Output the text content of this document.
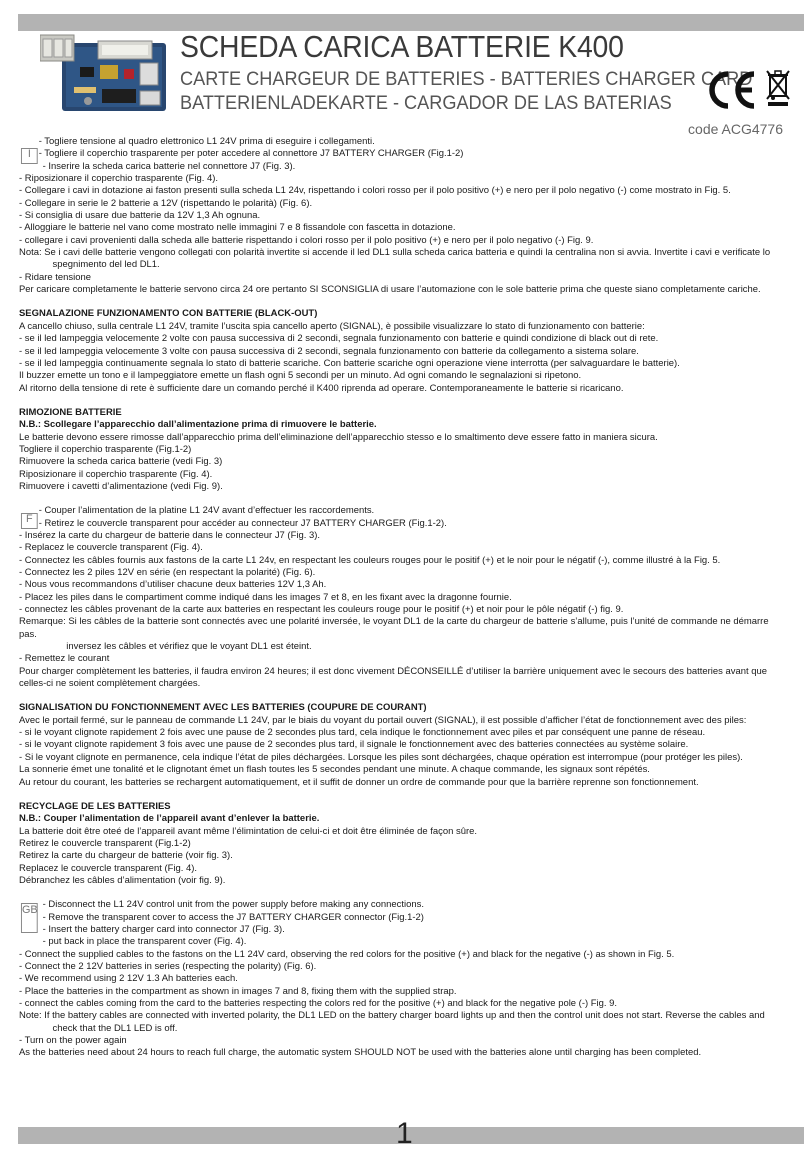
SCHEDA CARICA BATTERIE K400
CARTE CHARGEUR DE BATTERIES - BATTERIES CHARGER CARD
BATTERIENLADEKARTE - CARGADOR DE LAS BATERIAS
code ACG4776
I

- Togliere tensione al quadro elettronico L1 24V prima di eseguire i collegamenti.

- Togliere il coperchio trasparente per poter accedere al connettore J7 BATTERY CHARGER (Fig.1-2)

- Inserire la scheda carica batterie nel connettore J7 (Fig. 3).

- Riposizionare il coperchio trasparente (Fig. 4).

- Collegare i cavi in dotazione ai faston presenti sulla scheda L1 24v, rispettando i colori rosso per il polo positivo (+) e nero per il polo negativo (-) come mostrato in Fig. 5.

- Collegare in serie le 2 batterie a 12V (rispettando le polarità) (Fig. 6).

- Si consiglia di usare due batterie da 12V 1,3 Ah ognuna.

- Alloggiare le batterie nel vano come mostrato nelle immagini 7 e 8 fissandole con fascetta in dotazione.

- collegare i cavi provenienti dalla scheda alle batterie rispettando i colori rosso per il polo positivo (+) e nero per il polo negativo (-) Fig. 9.

Nota: Se i cavi delle batterie vengono collegati con polarità invertite si accende il led DL1 sulla scheda carica batteria e quindi la centralina non si avvia. Invertite i cavi e verificate lo spegnimento del led DL1.

- Ridare tensione

Per caricare completamente le batterie servono circa 24 ore pertanto SI SCONSIGLIA di usare l’automazione con le sole batterie prima che queste siano completamente cariche.

SEGNALAZIONE FUNZIONAMENTO CON BATTERIE (BLACK-OUT)

A cancello chiuso, sulla centrale L1 24V, tramite l’uscita spia cancello aperto (SIGNAL), è possibile visualizzare lo stato di funzionamento con batterie:

- se il led lampeggia velocemente 2 volte con pausa successiva di 2 secondi, segnala funzionamento con batterie e quindi condizione di black out di rete.

- se il led lampeggia velocemente 3 volte con pausa successiva di 2 secondi, segnala funzionamento con batterie da collegamento a sistema solare.

- se il led lampeggia continuamente segnala lo stato di batterie scariche. Con batterie scariche ogni operazione viene interrotta (per salvaguardare le batterie).

Il buzzer emette un tono e il lampeggiatore emette un flash ogni 5 secondi per un minuto. Ad ogni comando le segnalazioni si ripetono.

Al ritorno della tensione di rete è sufficiente dare un comando perché il K400 riprenda ad operare. Contemporaneamente le batterie si ricaricano.

RIMOZIONE BATTERIE

N.B.: Scollegare l’apparecchio dall’alimentazione prima di rimuovere le batterie.

Le batterie devono essere rimosse dall’apparecchio prima dell’eliminazione dell’apparecchio stesso e lo smaltimento deve essere fatto in maniera sicura.

Togliere il coperchio trasparente (Fig.1-2)

Rimuovere la scheda carica batterie (vedi Fig. 3)

Riposizionare il coperchio trasparente (Fig. 4).

Rimuovere i cavetti d’alimentazione (vedi Fig. 9).

F

- Couper l’alimentation de la platine L1 24V avant d’effectuer les raccordements.

- Retirez le couvercle transparent pour accéder au connecteur J7 BATTERY CHARGER (Fig.1-2).

- Insérez la carte du chargeur de batterie dans le connecteur J7 (Fig. 3).

- Replacez le couvercle transparent (Fig. 4).

- Connectez les câbles fournis aux fastons de la carte L1 24v, en respectant les couleurs rouges pour le positif (+) et le noir pour le négatif (-), comme illustré à la Fig. 5.

- Connectez les 2 piles 12V en série (en respectant la polarité) (Fig. 6).

- Nous vous recommandons d’utiliser chacune deux batteries 12V 1,3 Ah.

- Placez les piles dans le compartiment comme indiqué dans les images 7 et 8, en les fixant avec la dragonne fournie.

- connectez les câbles provenant de la carte aux batteries en respectant les couleurs rouge pour le positif (+) et noir pour le pôle négatif (-) fig. 9.

Remarque: Si les câbles de la batterie sont connectés avec une polarité inversée, le voyant DL1 de la carte du chargeur de batterie s’allume, puis l’unité de commande ne démarre pas.

inversez les câbles et vérifiez que le voyant DL1 est éteint.

- Remettez le courant

Pour charger complètement les batteries, il faudra environ 24 heures; il est donc vivement DÉCONSEILLÉ d’utiliser la barrière uniquement avec le secours des batteries avant que celles-ci ne soient complètement chargées.

SIGNALISATION DU FONCTIONNEMENT AVEC LES BATTERIES (COUPURE DE COURANT)

Avec le portail fermé, sur le panneau de commande L1 24V, par le biais du voyant du portail ouvert (SIGNAL), il est possible d’afficher l’état de fonctionnement avec des piles:

- si le voyant clignote rapidement 2 fois avec une pause de 2 secondes plus tard, cela indique le fonctionnement avec piles et par conséquent une panne de réseau.

- si le voyant clignote rapidement 3 fois avec une pause de 2 secondes plus tard, il signale le fonctionnement avec des batteries connectées au système solaire.

- Si le voyant clignote en permanence, cela indique l’état de piles déchargées. Lorsque les piles sont déchargées, chaque opération est interrompue (pour protéger les piles).

La sonnerie émet une tonalité et le clignotant émet un flash toutes les 5 secondes pendant une minute. A chaque commande, les signaux sont répétés.

Au retour du courant, les batteries se rechargent automatiquement, et il suffit de donner un ordre de commande pour que la barrière reprenne son fonctionnement.

RECYCLAGE DE LES BATTERIES

N.B.: Couper l’alimentation de l’appareil avant d’enlever la batterie.

La batterie doit être oteé de l’appareil avant même l’élimintation de celui-ci et doit être éliminée de façon sûre.

Retirez le couvercle transparent (Fig.1-2)

Retirez la carte du chargeur de batterie (voir fig. 3).

Replacez le couvercle transparent (Fig. 4).

Débranchez les câbles d’alimentation (voir fig. 9).

GB - Disconnect the L1 24V control unit from the power supply before making any connections.

- Remove the transparent cover to access the J7 BATTERY CHARGER connector (Fig.1-2)

- Insert the battery charger card into connector J7 (Fig. 3).

- put back in place the transparent cover (Fig. 4).

- Connect the supplied cables to the fastons on the L1 24V card, observing the red colors for the positive (+) and black for the negative (-) as shown in Fig. 5.

- Connect the 2 12V batteries in series (respecting the polarity) (Fig. 6).

- We recommend using 2 12V 1.3 Ah batteries each.

- Place the batteries in the compartment as shown in images 7 and 8, fixing them with the supplied strap.

- connect the cables coming from the card to the batteries respecting the colors red for the positive (+) and black for the negative pole (-) Fig. 9.

Note: If the battery cables are connected with inverted polarity, the DL1 LED on the battery charger board lights up and then the control unit does not start. Reverse the cables and check that the DL1 LED is off.

- Turn on the power again

As the batteries need about 24 hours to reach full charge, the automatic system SHOULD NOT be used with the batteries alone until charging has been completed.

1
